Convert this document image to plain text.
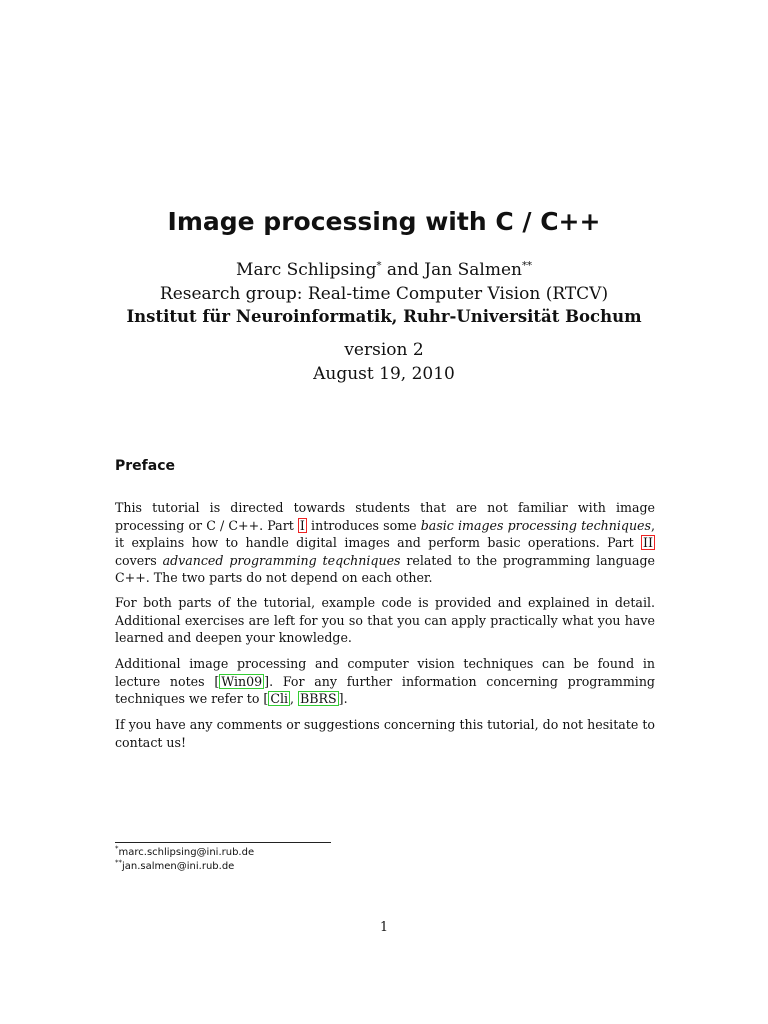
Image processing with C / C++
Marc Schlipsing* and Jan Salmen**
Research group: Real-time Computer Vision (RTCV)
Institut für Neuroinformatik, Ruhr-Universität Bochum
version 2
August 19, 2010
Preface
This tutorial is directed towards students that are not familiar with image processing or C / C++. Part I introduces some basic images processing techniques, it explains how to handle digital images and perform basic operations. Part II covers advanced programming teqchniques related to the programming language C++. The two parts do not depend on each other.
For both parts of the tutorial, example code is provided and explained in detail. Additional exercises are left for you so that you can apply practically what you have learned and deepen your knowledge.
Additional image processing and computer vision techniques can be found in lecture notes [ Win09 ]. For any further information concerning programming techniques we refer to [ Cli , BBRS ].
If you have any comments or suggestions concerning this tutorial, do not hesitate to contact us!
*marc.schlipsing@ini.rub.de
**jan.salmen@ini.rub.de
1
